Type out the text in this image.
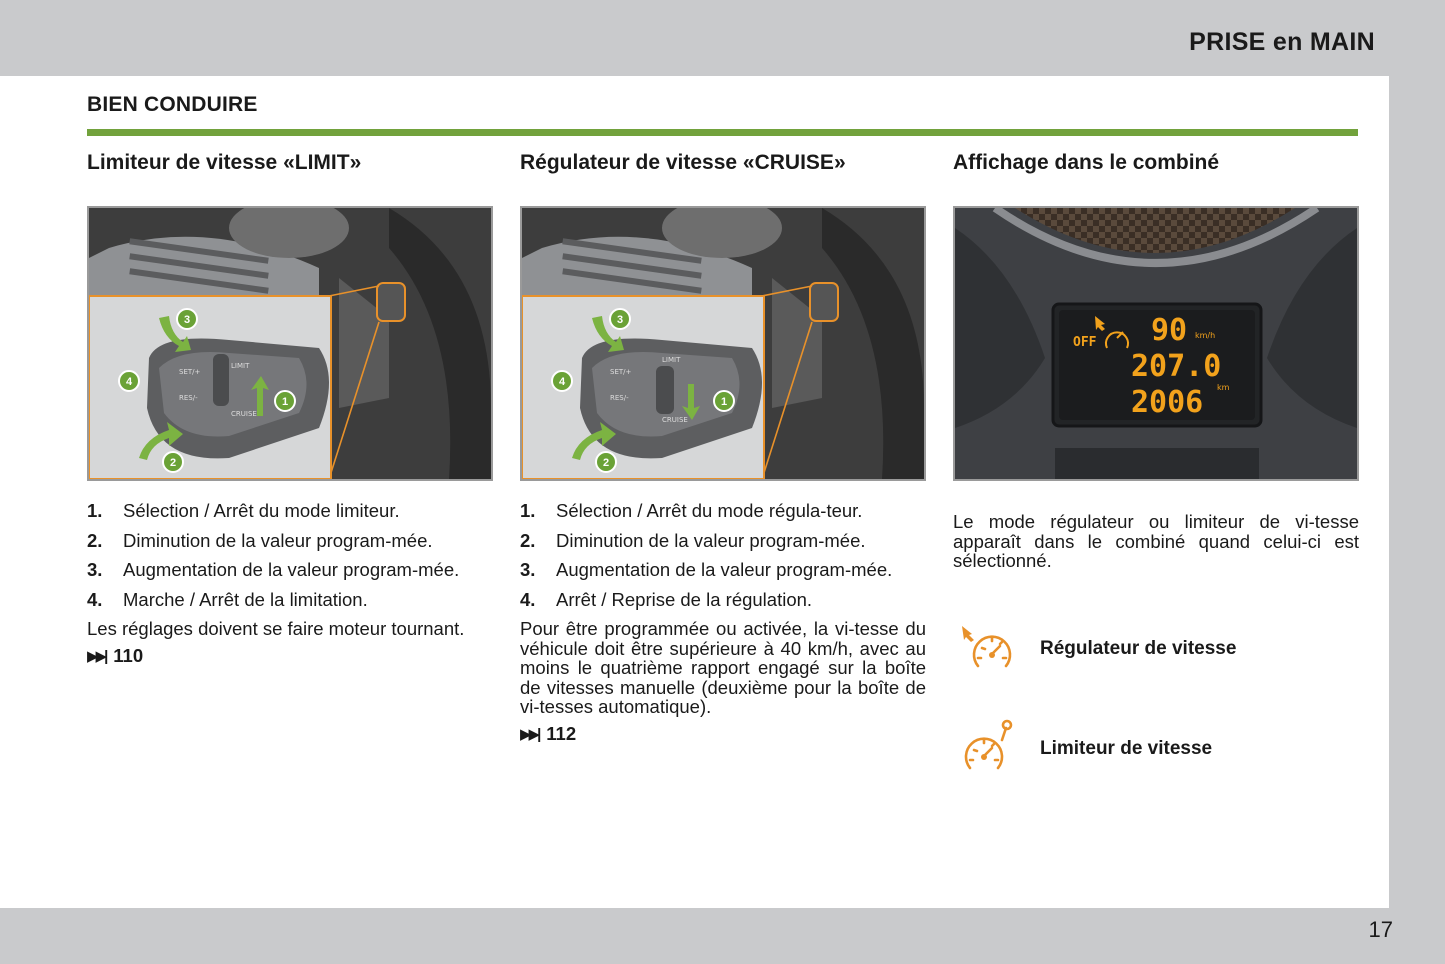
PRISE en MAIN
17
BIEN CONDUIRE
Limiteur de vitesse «LIMIT»
SET/+
RES/-
LIMIT
CRUISE
1
2
3
4
1. Sélection / Arrêt du mode limiteur.
2. Diminution de la valeur program-mée.
3. Augmentation de la valeur program-mée.
4. Marche / Arrêt de la limitation.
Les réglages doivent se faire moteur tournant.
▶▶| 110
Régulateur de vitesse «CRUISE»
SET/+
RES/-
LIMIT
CRUISE
1
2
3
4
1. Sélection / Arrêt du mode régula-teur.
2. Diminution de la valeur program-mée.
3. Augmentation de la valeur program-mée.
4. Arrêt / Reprise de la régulation.
Pour être programmée ou activée, la vi-tesse du véhicule doit être supérieure à 40 km/h, avec au moins le quatrième rapport engagé sur la boîte de vitesses manuelle (deuxième pour la boîte de vi-tesses automatique).
▶▶| 112
Affichage dans le combiné
OFF 90 km/h
207.0
2006 km
Le mode régulateur ou limiteur de vi-tesse apparaît dans le combiné quand celui-ci est sélectionné.
Régulateur de vitesse
Limiteur de vitesse
